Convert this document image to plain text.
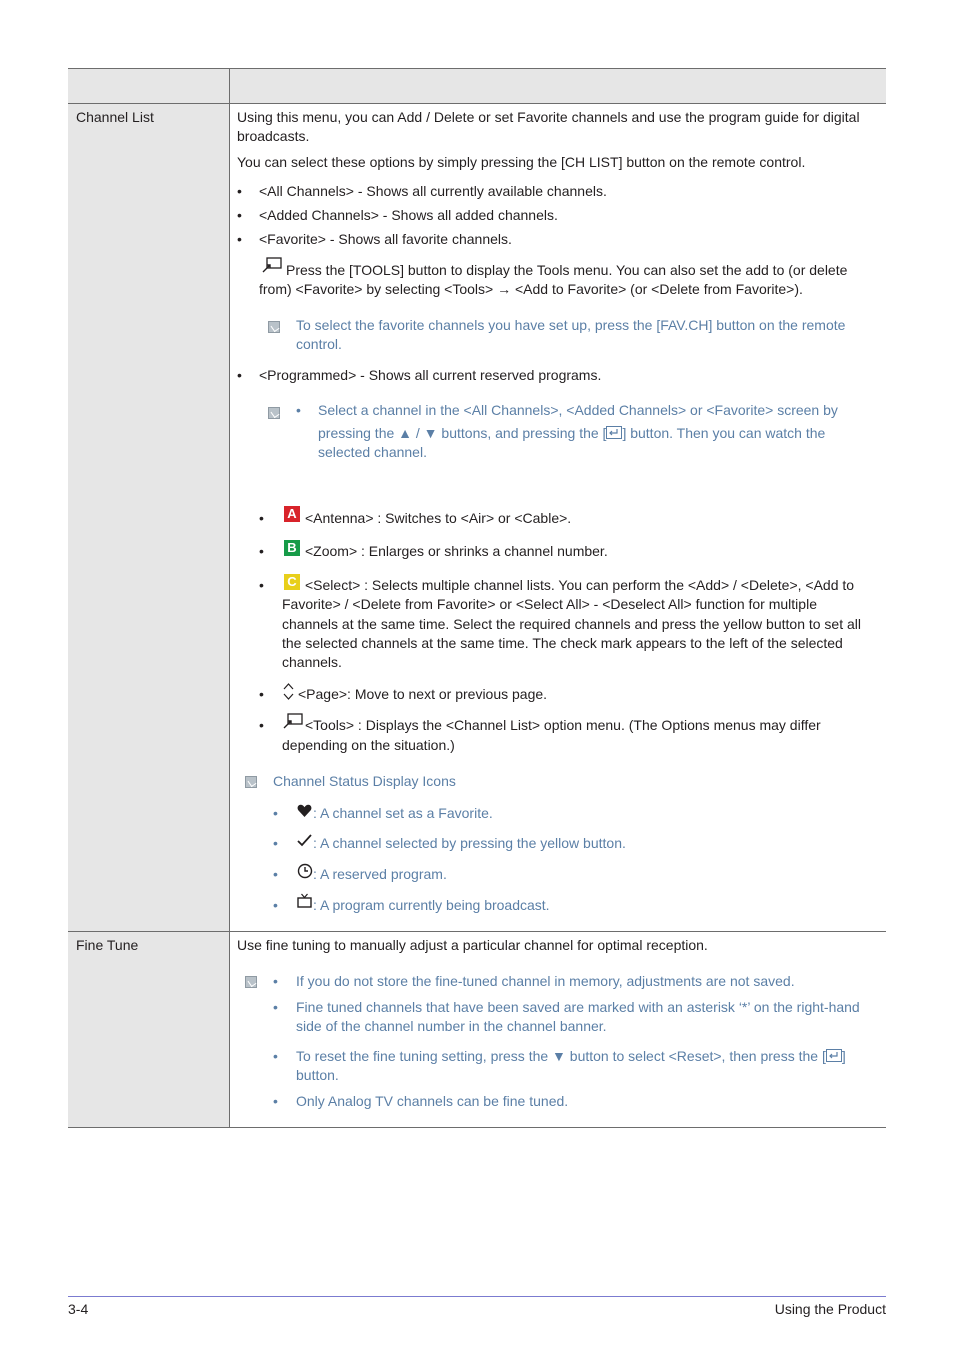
Channel List	Using this menu, you can Add / Delete or set Favorite channels and use the program guide for digital
broadcasts.
You can select these options by simply pressing the [CH LIST] button on the remote control.
• <All Channels> - Shows all currently available channels.
• <Added Channels> - Shows all added channels.
• <Favorite> - Shows all favorite channels.
Press the [TOOLS] button to display the Tools menu. You can also set the add to (or delete
from) <Favorite> by selecting <Tools> → <Add to Favorite> (or <Delete from Favorite>).
To select the favorite channels you have set up, press the [FAV.CH] button on the remote
control.
• <Programmed> - Shows all current reserved programs.
• Select a channel in the <All Channels>, <Added Channels> or <Favorite> screen by
pressing the ▲ / ▼ buttons, and pressing the [ ] button. Then you can watch the
selected channel.
• A <Antenna> : Switches to <Air> or <Cable>.
• B <Zoom> : Enlarges or shrinks a channel number.
• C <Select> : Selects multiple channel lists. You can perform the <Add> / <Delete>, <Add to
Favorite> / <Delete from Favorite> or <Select All> - <Deselect All> function for multiple
channels at the same time. Select the required channels and press the yellow button to set all
the selected channels at the same time. The check mark appears to the left of the selected
channels.
• <Page>: Move to next or previous page.
•	<Tools> : Displays the <Channel List> option menu. (The Options menus may differ
depending on the situation.)
Channel Status Display Icons
•	: A channel set as a Favorite.
•	: A channel selected by pressing the yellow button.
•	: A reserved program.
•	: A program currently being broadcast.
Fine Tune	Use fine tuning to manually adjust a particular channel for optimal reception.
• If you do not store the fine-tuned channel in memory, adjustments are not saved.
• Fine tuned channels that have been saved are marked with an asterisk ‘*’ on the right-hand
side of the channel number in the channel banner.
• To reset the fine tuning setting, press the ▼ button to select <Reset>, then press the [ ]
button.
• Only Analog TV channels can be fine tuned.
3-4	Using the Product
